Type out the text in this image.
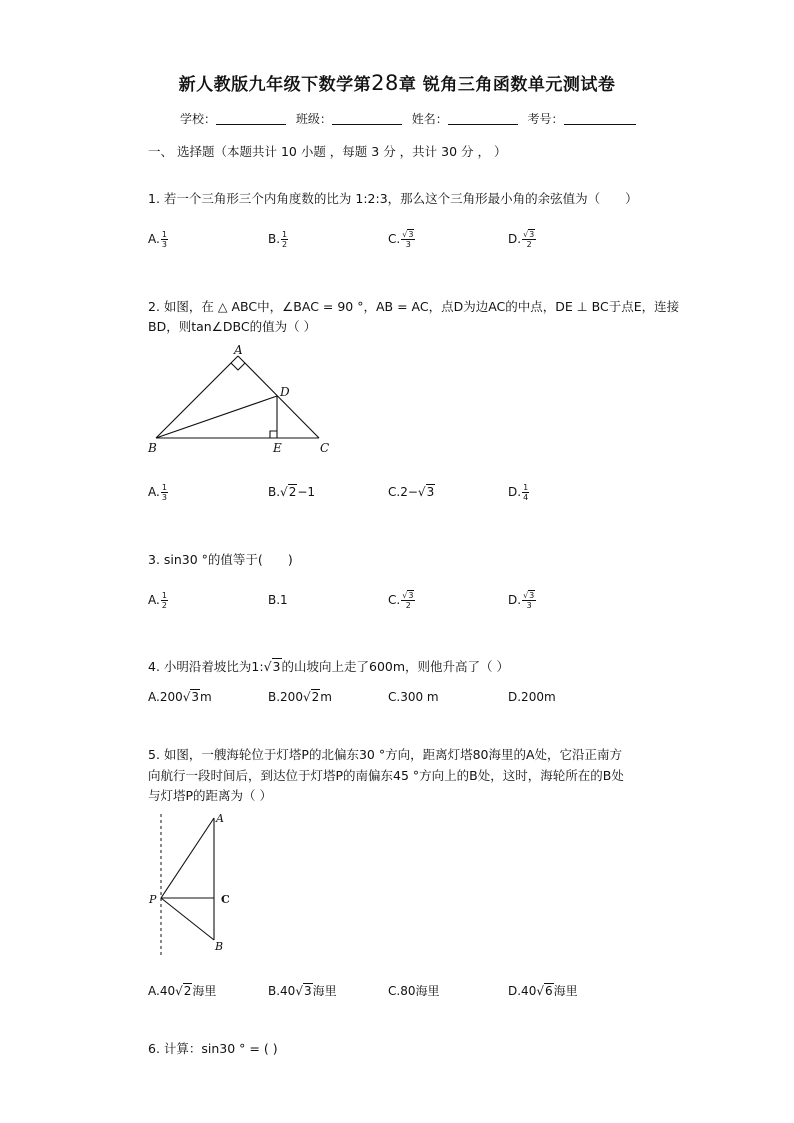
新人教版九年级下数学第28章 锐角三角函数单元测试卷
学校：	班级：	姓名：	考号：
一、 选择题（本题共计 10 小题 ，每题 3 分 ，共计 30 分 ， ）
1. 若一个三角形三个内角度数的比为 1:2:3，那么这个三角形最小角的余弦值为（　　）
A. $\frac{1}{3}$	B. $\frac{1}{2}$	C. $\frac{√3}{3}$	D. $\frac{√3}{2}$
2. 如图，在 △ ABC中，∠BAC = 90 °，AB = AC，点D为边AC的中点，DE ⊥ BC于点E，连接
BD，则tan∠DBC的值为（ ）
A
D
B	E	C
A. $\frac{1}{3}$	B.√2−1	C.2−√3	D. $\frac{1}{4}$
3. sin30 °的值等于(　　)
A. $\frac{1}{2}$	B.1	C. $\frac{√3}{2}$	D. $\frac{√3}{3}$
4. 小明沿着坡比为1:√3的山坡向上走了600m，则他升高了（ ）
A.200√3m	B.200√2m	C.300 m	D.200m
5. 如图，一艘海轮位于灯塔P的北偏东30 °方向，距离灯塔80海里的A处，它沿正南方
向航行一段时间后，到达位于灯塔P的南偏东45 °方向上的B处，这时，海轮所在的B处
与灯塔P的距离为（ ）
A
P	C
B
A.40√2海里	B.40√3海里	C.80海里	D.40√6海里
6. 计算：sin30 ° = ( )
